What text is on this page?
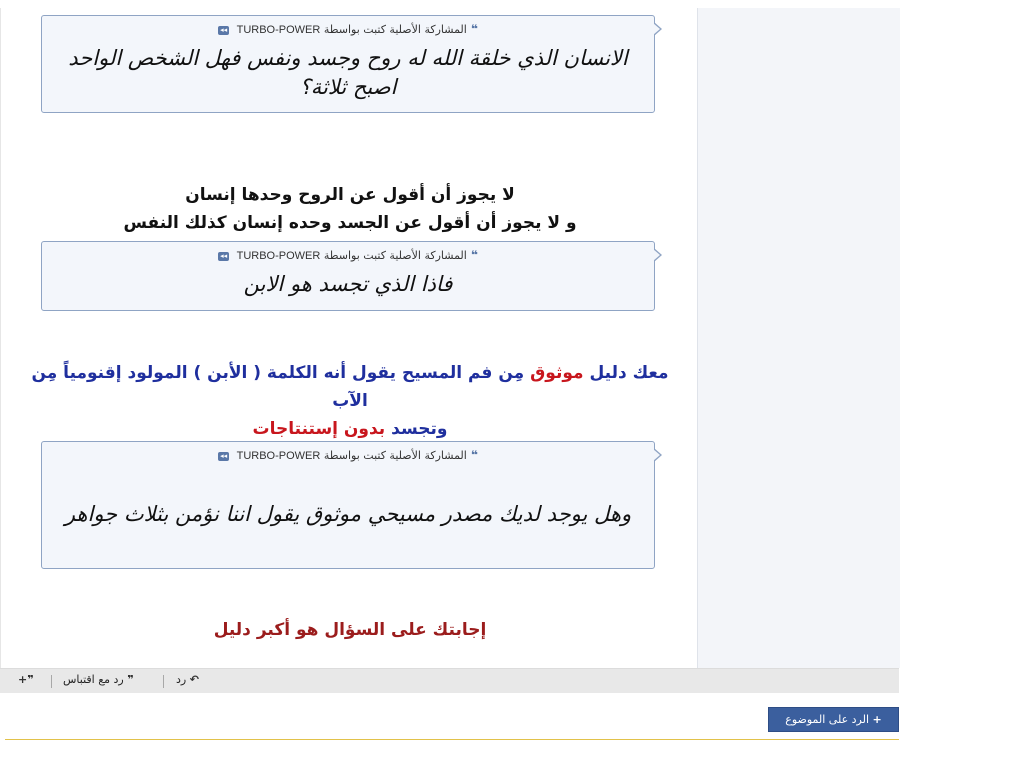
❝المشاركة الأصلية كتبت بواسطة TURBO-POWER ◂◂
الانسان الذي خلقة الله له روح وجسد ونفس فهل الشخص الواحد اصبح ثلاثة؟
لا يجوز أن أقول عن الروح وحدها إنسان
و لا يجوز أن أقول عن الجسد وحده إنسان كذلك النفس
❝المشاركة الأصلية كتبت بواسطة TURBO-POWER ◂◂
فاذا الذي تجسد هو الابن
معك دليل موثوق مِن فم المسيح يقول أنه الكلمة ( الأبن ) المولود إقنومياً مِن الآب
وتجسد بدون إستنتاجات
❝المشاركة الأصلية كتبت بواسطة TURBO-POWER ◂◂
وهل يوجد لديك مصدر مسيحي موثوق يقول اننا نؤمن بثلاث جواهر
إجابتك على السؤال هو أكبر دليل
❞+	❞ رد مع اقتباس	↶ رد
+ الرد على الموضوع
